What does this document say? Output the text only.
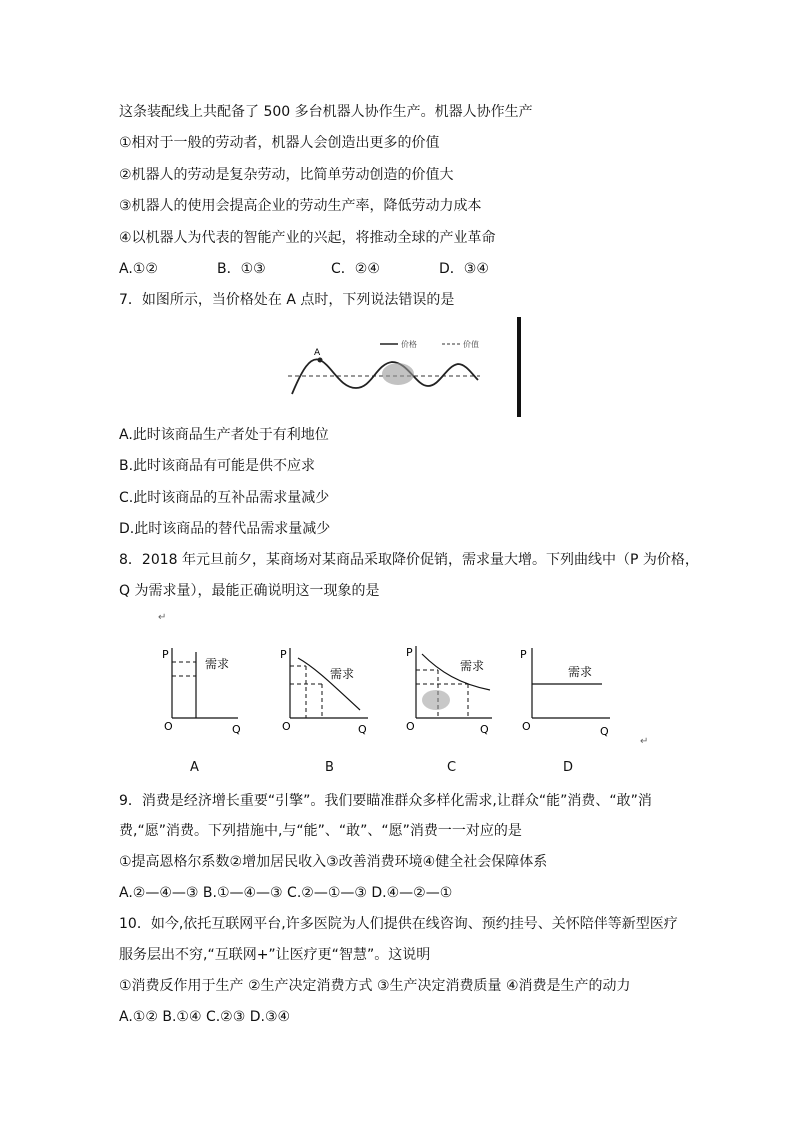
这条装配线上共配备了 500 多台机器人协作生产。机器人协作生产
①相对于一般的劳动者，机器人会创造出更多的价值
②机器人的劳动是复杂劳动，比简单劳动创造的价值大
③机器人的使用会提高企业的劳动生产率，降低劳动力成本
④以机器人为代表的智能产业的兴起，将推动全球的产业革命
A.①②	B．①③	C．②④	D．③④
7．如图所示，当价格处在 A 点时，下列说法错误的是
A
价格	价值
A.此时该商品生产者处于有利地位
B.此时该商品有可能是供不应求
C.此时该商品的互补品需求量减少
D.此时该商品的替代品需求量减少
8．2018 年元旦前夕，某商场对某商品采取降价促销，需求量大增。下列曲线中（P 为价格，
Q 为需求量），最能正确说明这一现象的是
↵
P
需求
O	Q
P
需求
O	Q
P
需求
O	Q
P
需求
O	Q
↵
A	B	C	D
9．消费是经济增长重要“引擎”。我们要瞄准群众多样化需求,让群众“能”消费、“敢”消
费,“愿”消费。下列措施中,与“能”、“敢”、“愿”消费一一对应的是
①提高恩格尔系数②增加居民收入③改善消费环境④健全社会保障体系
A.②—④—③ B.①—④—③ C.②—①—③ D.④—②—①
10．如今,依托互联网平台,许多医院为人们提供在线咨询、预约挂号、关怀陪伴等新型医疗
服务层出不穷,“互联网+”让医疗更“智慧”。这说明
①消费反作用于生产 ②生产决定消费方式 ③生产决定消费质量 ④消费是生产的动力
A.①② B.①④ C.②③ D.③④
